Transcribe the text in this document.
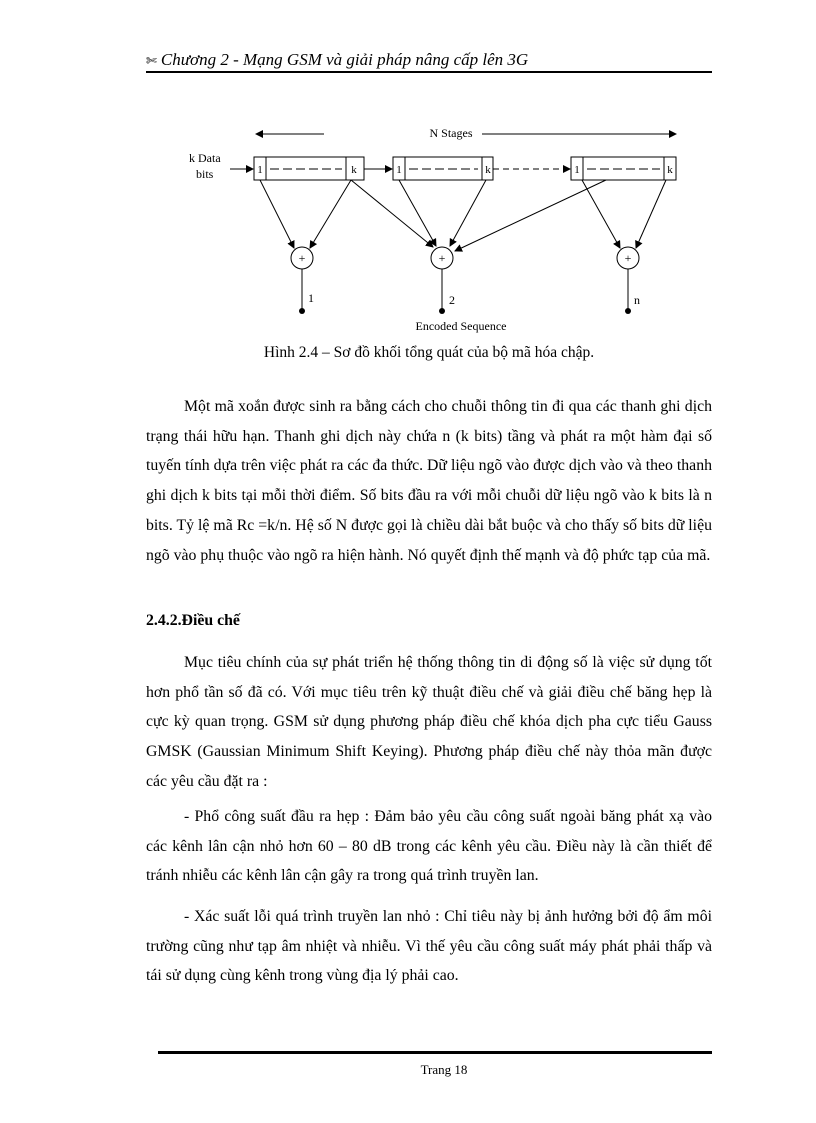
✄ Chương 2 - Mạng GSM và giải pháp nâng cấp lên 3G
N Stages
k Data
bits	1	k	1	k	1	k
+	+	+
1	2	n
Encoded Sequence
Hình 2.4 – Sơ đồ khối tổng quát của bộ mã hóa chập.
Một mã xoắn được sinh ra bằng cách cho chuỗi thông tin đi qua các thanh ghi dịch trạng thái hữu hạn. Thanh ghi dịch này chứa n (k bits) tầng và phát ra một hàm đại số tuyến tính dựa trên việc phát ra các đa thức. Dữ liệu ngõ vào được dịch vào và theo thanh ghi dịch k bits tại mỗi thời điểm. Số bits đầu ra với mỗi chuỗi dữ liệu ngõ vào k bits là n bits. Tỷ lệ mã Rc =k/n. Hệ số N được gọi là chiều dài bắt buộc và cho thấy số bits dữ liệu ngõ vào phụ thuộc vào ngõ ra hiện hành. Nó quyết định thế mạnh và độ phức tạp của mã.
2.4.2.Điều chế
Mục tiêu chính của sự phát triển hệ thống thông tin di động số là việc sử dụng tốt hơn phổ tần số đã có. Với mục tiêu trên kỹ thuật điều chế và giải điều chế băng hẹp là cực kỳ quan trọng. GSM sử dụng phương pháp điều chế khóa dịch pha cực tiểu Gauss GMSK (Gaussian Minimum Shift Keying). Phương pháp điều chế này thỏa mãn được các yêu cầu đặt ra :
- Phổ công suất đầu ra hẹp : Đảm bảo yêu cầu công suất ngoài băng phát xạ vào các kênh lân cận nhỏ hơn 60 – 80 dB trong các kênh yêu cầu. Điều này là cần thiết để tránh nhiễu các kênh lân cận gây ra trong quá trình truyền lan.
- Xác suất lỗi quá trình truyền lan nhỏ : Chỉ tiêu này bị ảnh hưởng bởi độ ẩm môi trường cũng như tạp âm nhiệt và nhiễu. Vì thế yêu cầu công suất máy phát phải thấp và tái sử dụng cùng kênh trong vùng địa lý phải cao.
Trang 18
